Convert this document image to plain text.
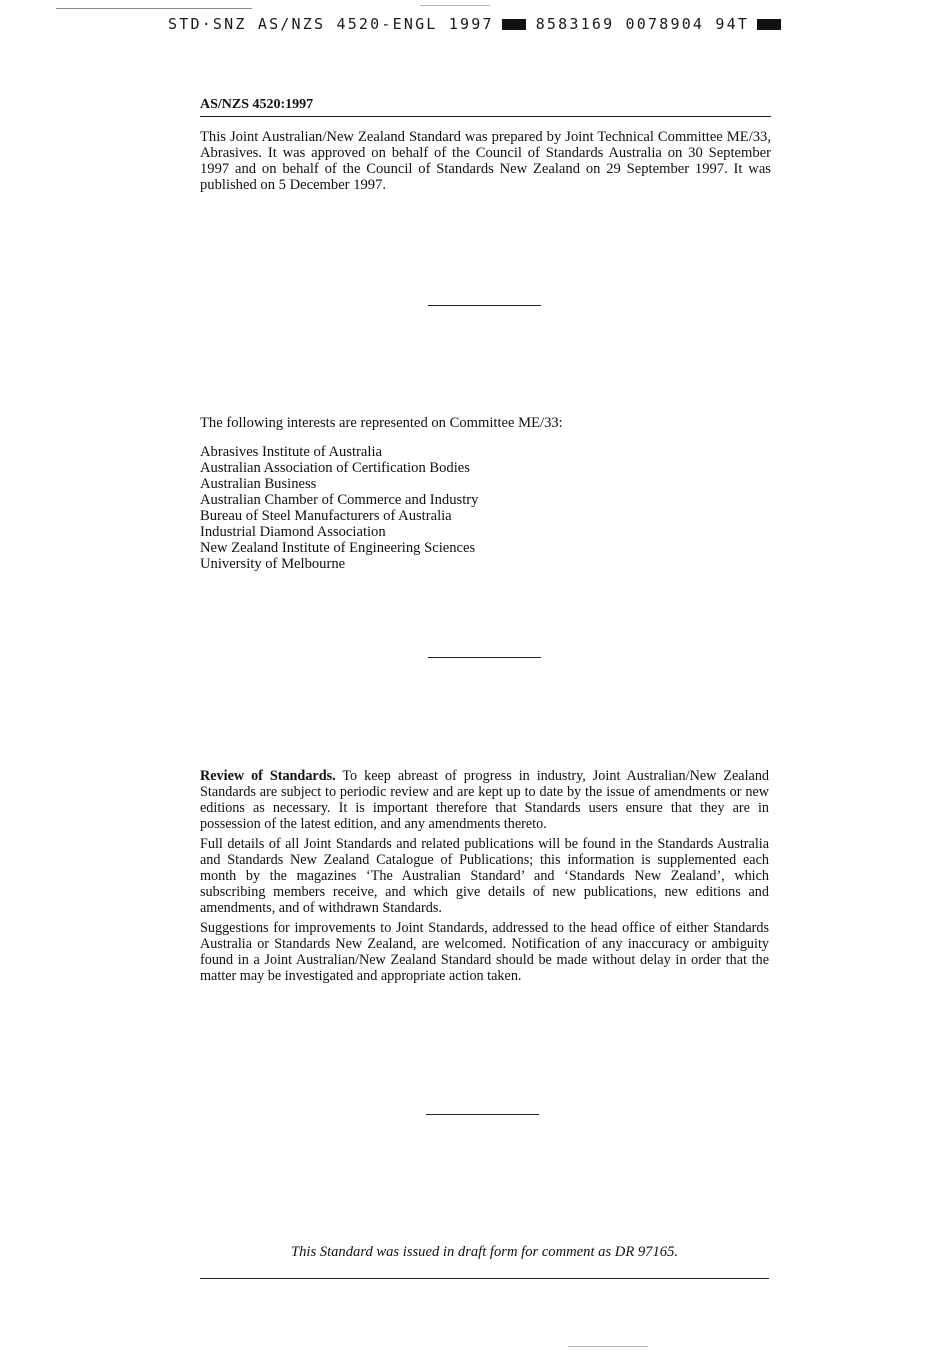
STD·SNZ AS/NZS 4520-ENGL 1997	8583169 0078904 94T
AS/NZS 4520:1997
This Joint Australian/New Zealand Standard was prepared by Joint Technical Committee ME/33, Abrasives. It was approved on behalf of the Council of Standards Australia on 30 September 1997 and on behalf of the Council of Standards New Zealand on 29 September 1997. It was published on 5 December 1997.
The following interests are represented on Committee ME/33:
Abrasives Institute of Australia
Australian Association of Certification Bodies
Australian Business
Australian Chamber of Commerce and Industry
Bureau of Steel Manufacturers of Australia
Industrial Diamond Association
New Zealand Institute of Engineering Sciences
University of Melbourne

Review of Standards. To keep abreast of progress in industry, Joint Australian/New Zealand Standards are subject to periodic review and are kept up to date by the issue of amendments or new editions as necessary. It is important therefore that Standards users ensure that they are in possession of the latest edition, and any amendments thereto.

Full details of all Joint Standards and related publications will be found in the Standards Australia and Standards New Zealand Catalogue of Publications; this information is supplemented each month by the magazines ‘The Australian Standard’ and ‘Standards New Zealand’, which subscribing members receive, and which give details of new publications, new editions and amendments, and of withdrawn Standards.

Suggestions for improvements to Joint Standards, addressed to the head office of either Standards Australia or Standards New Zealand, are welcomed. Notification of any inaccuracy or ambiguity found in a Joint Australian/New Zealand Standard should be made without delay in order that the matter may be investigated and appropriate action taken.

This Standard was issued in draft form for comment as DR 97165.
